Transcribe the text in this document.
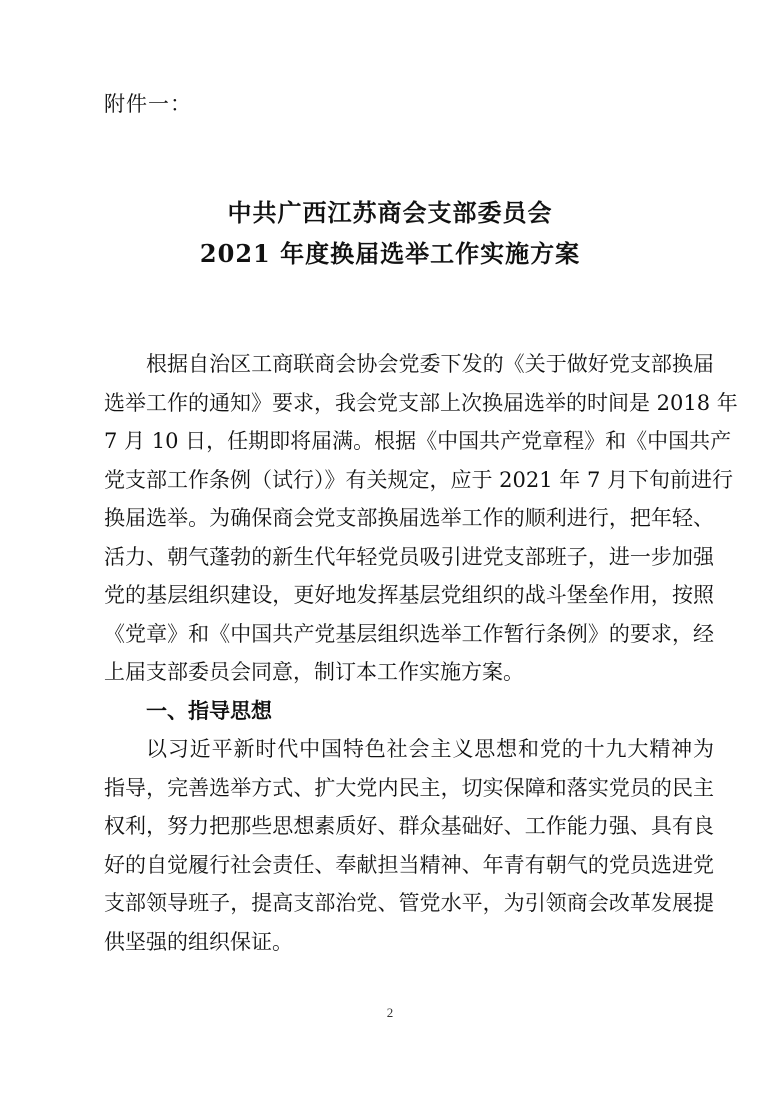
附件一：
中共广西江苏商会支部委员会
2021 年度换届选举工作实施方案
根据自治区工商联商会协会党委下发的《关于做好党支部换届
选举工作的通知》要求，我会党支部上次换届选举的时间是 2018 年
7 月 10 日，任期即将届满。根据《中国共产党章程》和《中国共产
党支部工作条例（试行）》有关规定，应于 2021 年 7 月下旬前进行
换届选举。为确保商会党支部换届选举工作的顺利进行，把年轻、
活力、朝气蓬勃的新生代年轻党员吸引进党支部班子，进一步加强
党的基层组织建设，更好地发挥基层党组织的战斗堡垒作用，按照
《党章》和《中国共产党基层组织选举工作暂行条例》的要求，经
上届支部委员会同意，制订本工作实施方案。
一、指导思想
以习近平新时代中国特色社会主义思想和党的十九大精神为
指导，完善选举方式、扩大党内民主，切实保障和落实党员的民主
权利，努力把那些思想素质好、群众基础好、工作能力强、具有良
好的自觉履行社会责任、奉献担当精神、年青有朝气的党员选进党
支部领导班子，提高支部治党、管党水平，为引领商会改革发展提
供坚强的组织保证。
2
